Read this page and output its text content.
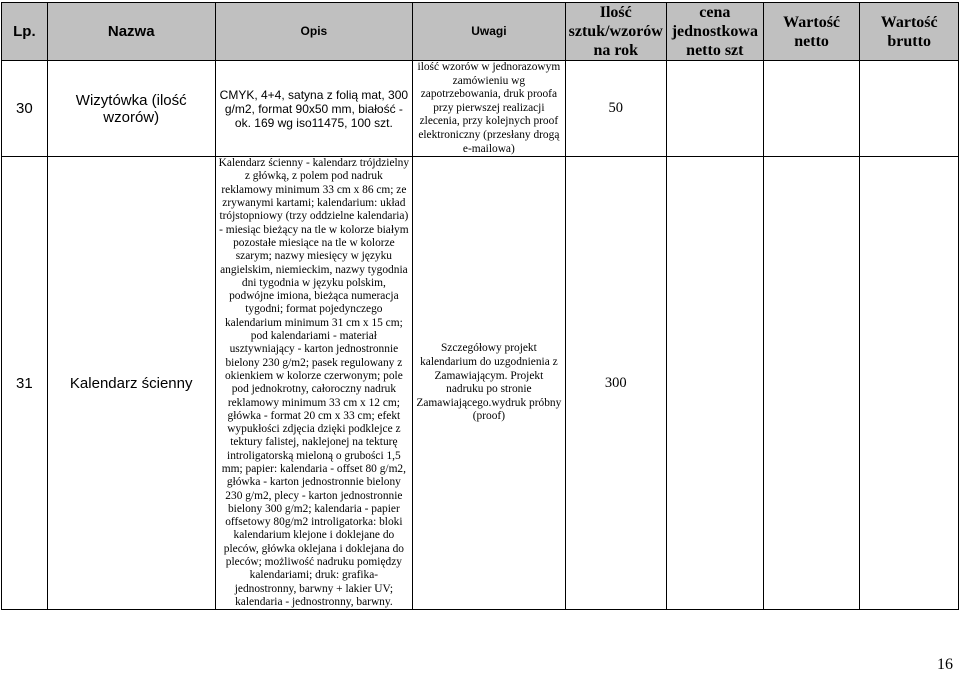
Lp.	Nazwa	Opis	Uwagi	Ilość sztuk/wzorów na rok	cena jednostkowa netto szt	Wartość netto	Wartość brutto
30	Wizytówka (ilość wzorów)	CMYK, 4+4, satyna z folią mat, 300 g/m2, format 90x50 mm, białość - ok. 169 wg iso11475, 100 szt.	ilość wzorów w jednorazowym zamówieniu wg zapotrzebowania, druk proofa przy pierwszej realizacji zlecenia, przy kolejnych proof elektroniczny (przesłany drogą e-mailowa)	50			
31	Kalendarz ścienny	Kalendarz ścienny - kalendarz trójdzielny z główką, z polem pod nadruk reklamowy minimum 33 cm x 86 cm; ze zrywanymi kartami; kalendarium: układ trójstopniowy (trzy oddzielne kalendaria) - miesiąc bieżący na tle w kolorze białym pozostałe miesiące na tle w kolorze szarym; nazwy miesięcy w języku angielskim, niemieckim, nazwy tygodnia dni tygodnia w języku polskim, podwójne imiona, bieżąca numeracja tygodni; format pojedynczego kalendarium minimum 31 cm x 15 cm; pod kalendariami - materiał usztywniający - karton jednostronnie bielony 230 g/m2; pasek regulowany z okienkiem w kolorze czerwonym; pole pod jednokrotny, całoroczny nadruk reklamowy minimum 33 cm x 12 cm; główka - format 20 cm x 33 cm; efekt wypukłości zdjęcia dzięki podklejce z tektury falistej, naklejonej na tekturę introligatorską mieloną o grubości 1,5 mm; papier: kalendaria - offset 80 g/m2, główka - karton jednostronnie bielony 230 g/m2, plecy - karton jednostronnie bielony 300 g/m2; kalendaria - papier offsetowy 80g/m2 introligatorka: bloki kalendarium klejone i doklejane do pleców, główka oklejana i doklejana do pleców; możliwość nadruku pomiędzy kalendariami; druk: grafika- jednostronny, barwny + lakier UV; kalendaria - jednostronny, barwny.	Szczegółowy projekt kalendarium do uzgodnienia z Zamawiającym. Projekt nadruku po stronie Zamawiającego.wydruk próbny (proof)	300			
16
